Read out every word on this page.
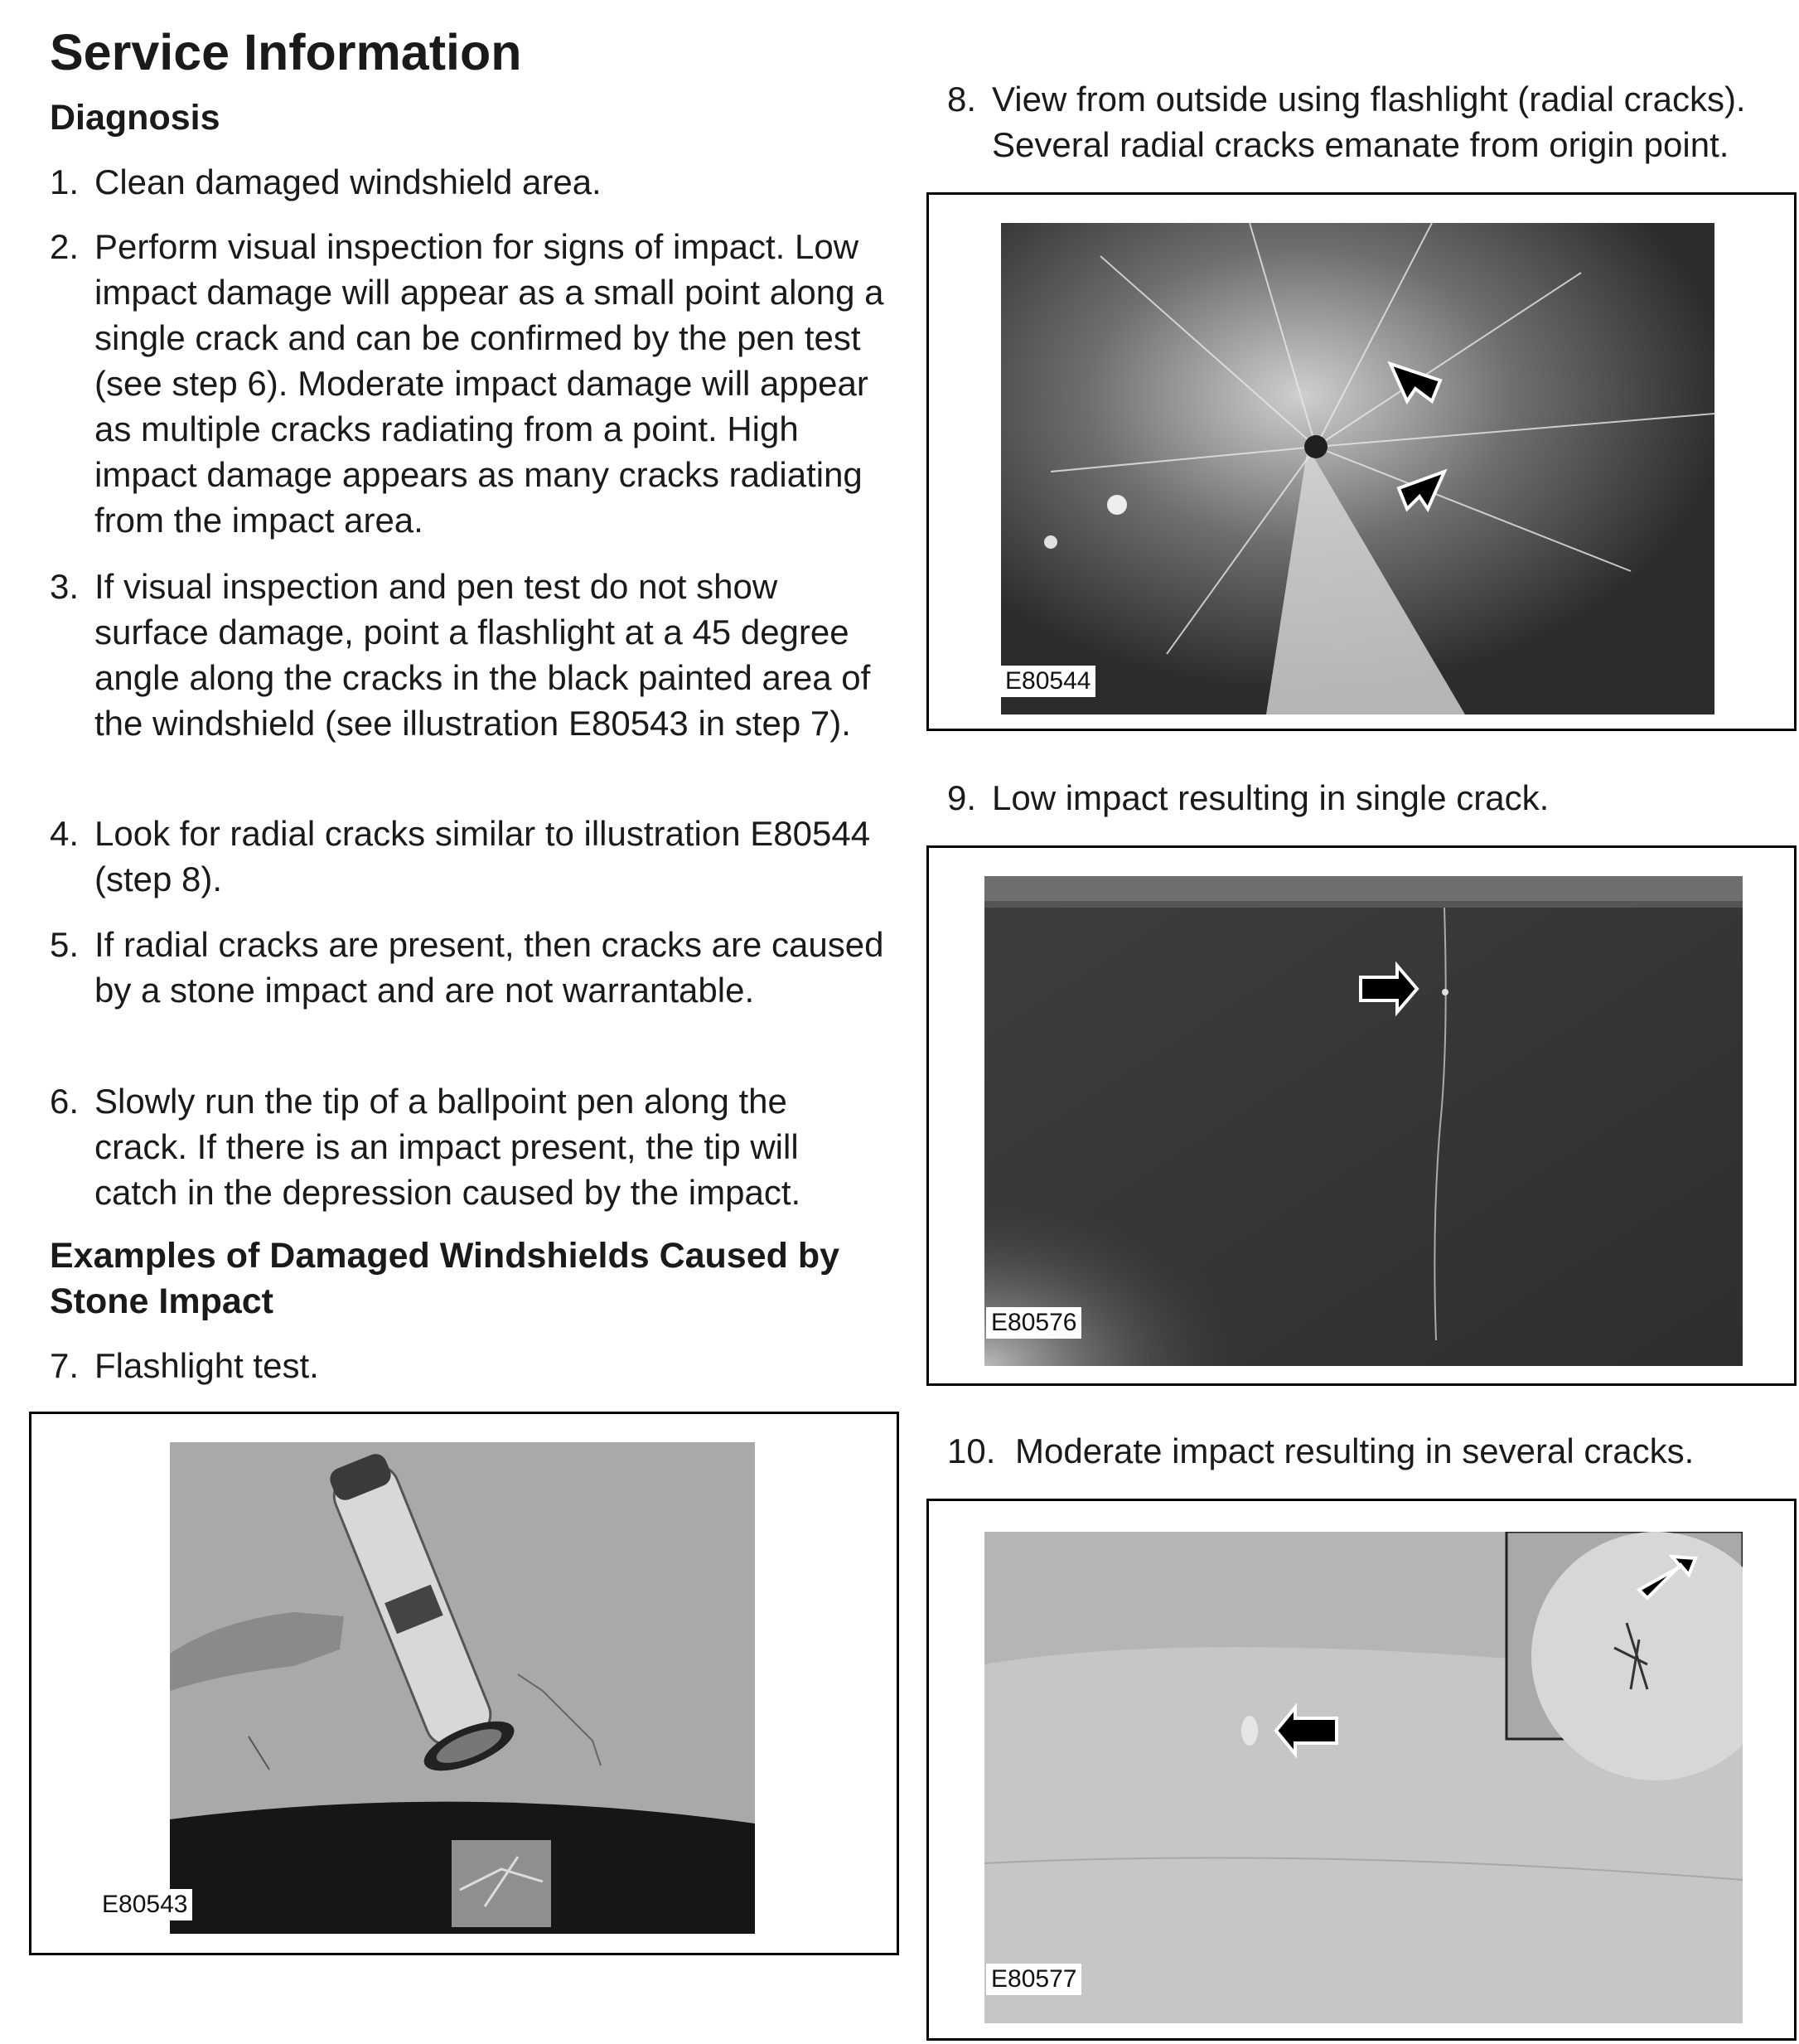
Service Information
Diagnosis
1. Clean damaged windshield area.
2. Perform visual inspection for signs of impact. Low impact damage will appear as a small point along a single crack and can be confirmed by the pen test (see step 6). Moderate impact damage will appear as multiple cracks radiating from a point. High impact damage appears as many cracks radiating from the impact area.
3. If visual inspection and pen test do not show surface damage, point a flashlight at a 45 degree angle along the cracks in the black painted area of the windshield (see illustration E80543 in step 7).
4. Look for radial cracks similar to illustration E80544 (step 8).
5. If radial cracks are present, then cracks are caused by a stone impact and are not warrantable.
6. Slowly run the tip of a ballpoint pen along the crack. If there is an impact present, the tip will catch in the depression caused by the impact.
Examples of Damaged Windshields Caused by Stone Impact
7. Flashlight test.
E80543
8. View from outside using flashlight (radial cracks). Several radial cracks emanate from origin point.
E80544
9. Low impact resulting in single crack.
E80576
10. Moderate impact resulting in several cracks.
E80577
